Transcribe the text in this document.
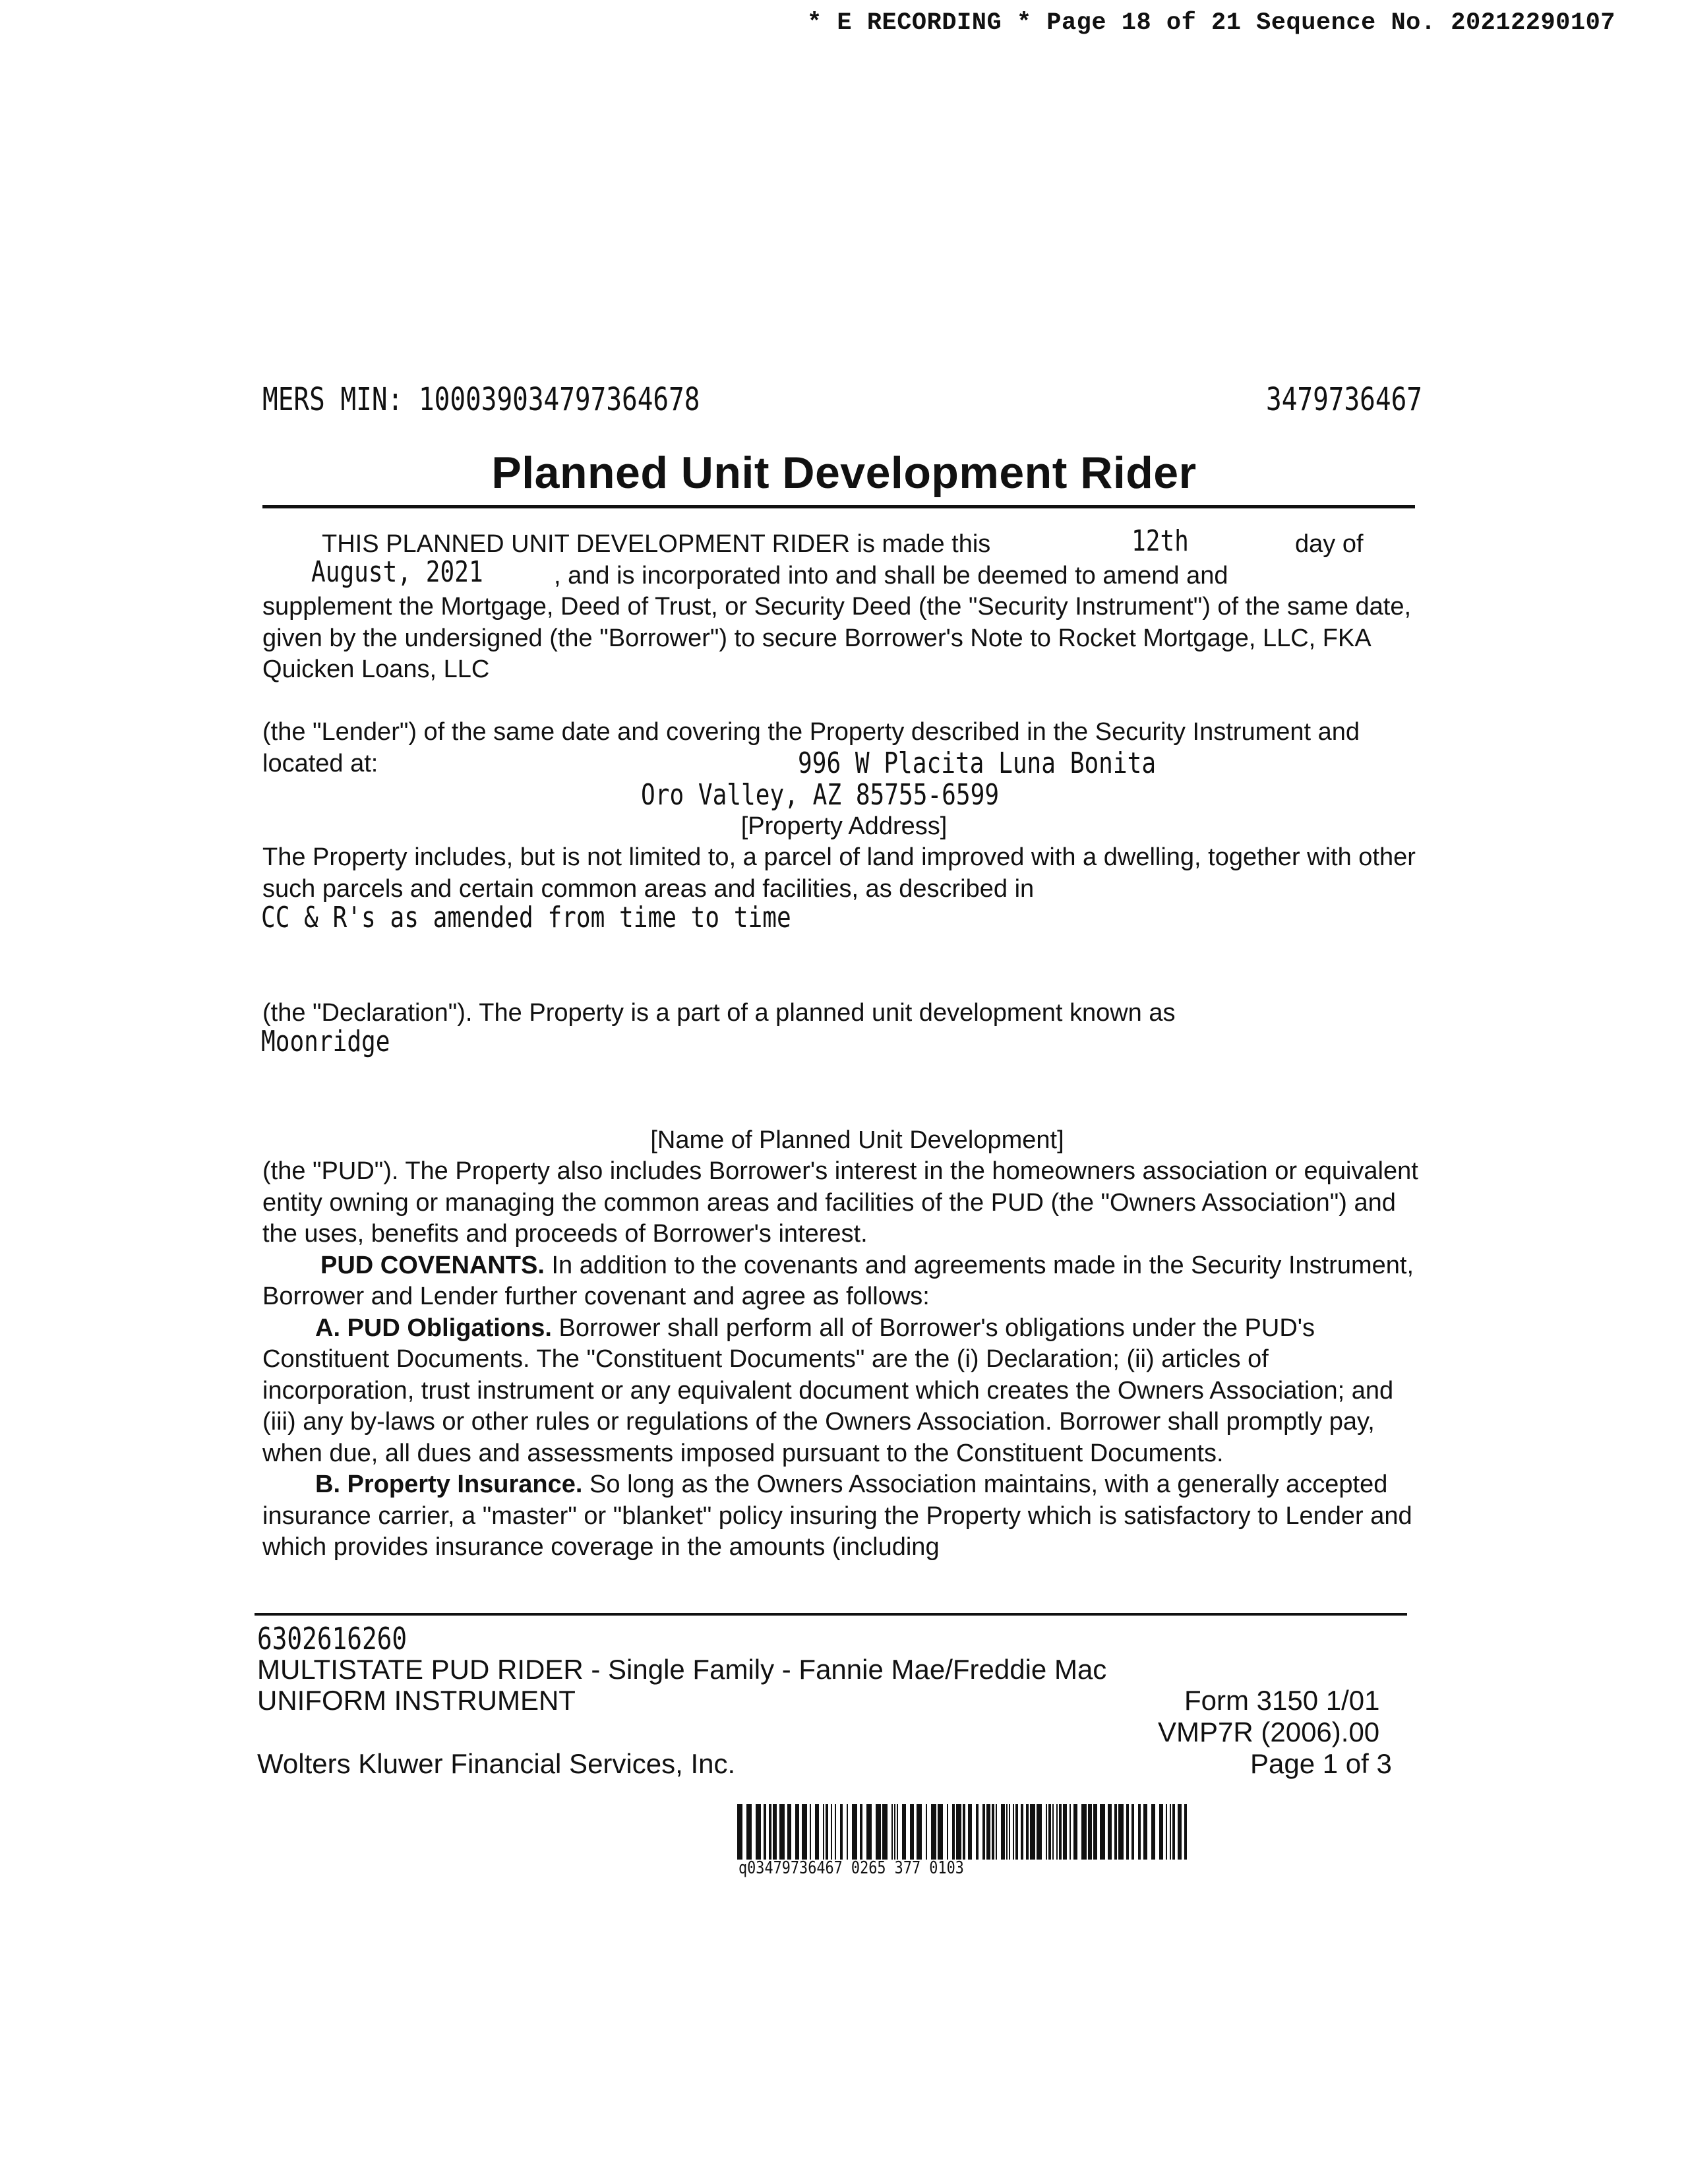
* E RECORDING * Page 18 of 21 Sequence No. 20212290107
MERS MIN: 100039034797364678	3479736467
Planned Unit Development Rider
THIS PLANNED UNIT DEVELOPMENT RIDER is made this	12th	day of
August, 2021	, and is incorporated into and shall be deemed to amend and
supplement the Mortgage, Deed of Trust, or Security Deed (the "Security Instrument") of the same date, given by the undersigned (the "Borrower") to secure Borrower's Note to Rocket Mortgage, LLC, FKA Quicken Loans, LLC
(the "Lender") of the same date and covering the Property described in the Security Instrument and located at:	996 W Placita Luna Bonita
Oro Valley, AZ 85755-6599
[Property Address]
The Property includes, but is not limited to, a parcel of land improved with a dwelling, together with other such parcels and certain common areas and facilities, as described in
CC & R's as amended from time to time
(the "Declaration"). The Property is a part of a planned unit development known as
Moonridge
[Name of Planned Unit Development]

(the "PUD"). The Property also includes Borrower's interest in the homeowners association or equivalent entity owning or managing the common areas and facilities of the PUD (the "Owners Association") and the uses, benefits and proceeds of Borrower's interest.

PUD COVENANTS. In addition to the covenants and agreements made in the Security Instrument, Borrower and Lender further covenant and agree as follows:

A. PUD Obligations. Borrower shall perform all of Borrower's obligations under the PUD's Constituent Documents. The "Constituent Documents" are the (i) Declaration; (ii) articles of incorporation, trust instrument or any equivalent document which creates the Owners Association; and (iii) any by-laws or other rules or regulations of the Owners Association. Borrower shall promptly pay, when due, all dues and assessments imposed pursuant to the Constituent Documents.

B. Property Insurance. So long as the Owners Association maintains, with a generally accepted insurance carrier, a "master" or "blanket" policy insuring the Property which is satisfactory to Lender and which provides insurance coverage in the amounts (including

6302616260
MULTISTATE PUD RIDER - Single Family - Fannie Mae/Freddie Mac
UNIFORM INSTRUMENT	Form 3150 1/01
VMP7R (2006).00
Wolters Kluwer Financial Services, Inc.	Page 1 of 3
q03479736467 0265 377 0103
